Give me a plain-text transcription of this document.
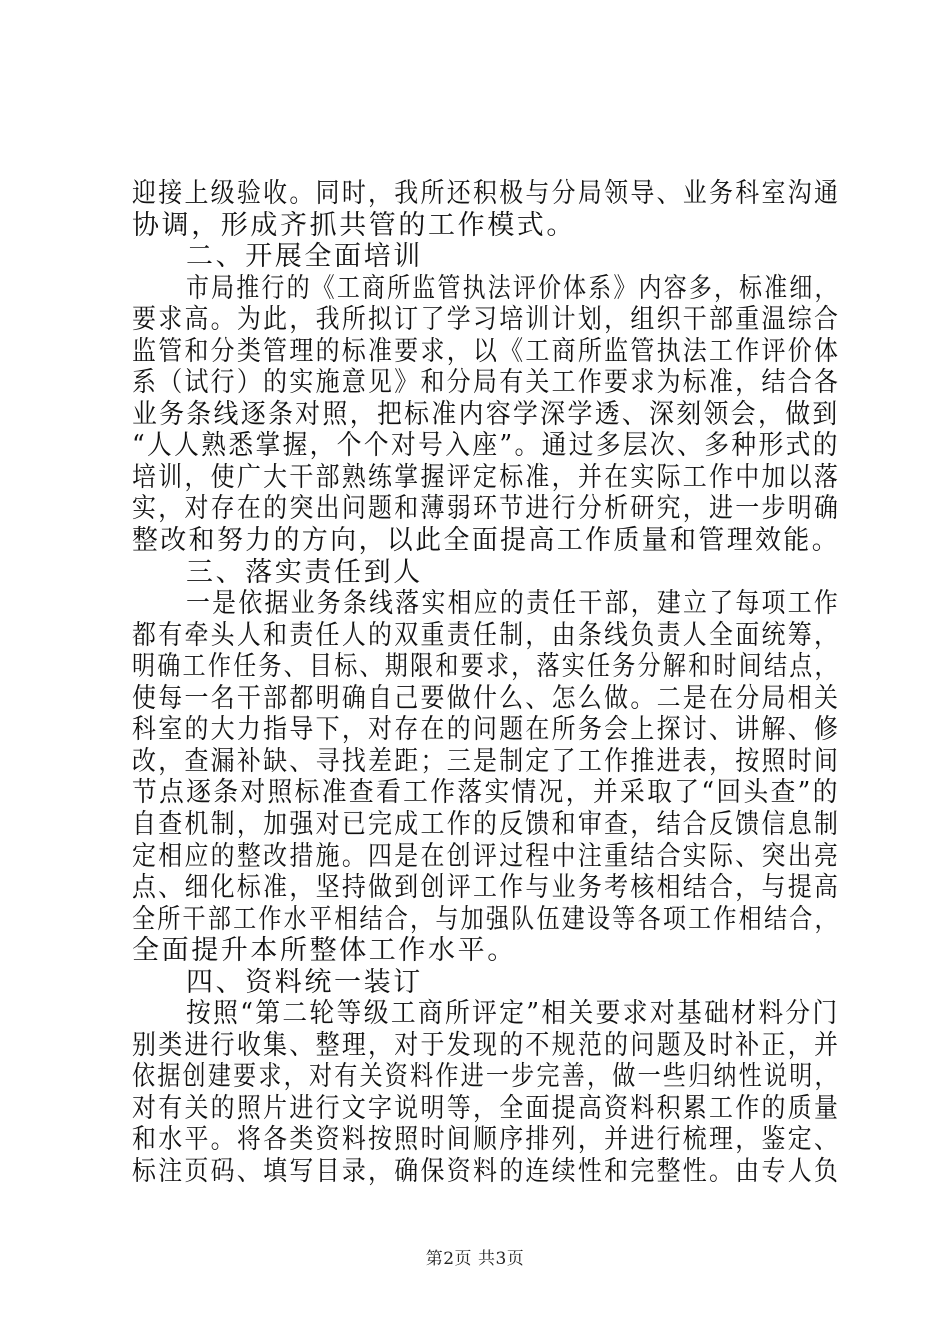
迎接上级验收。同时，我所还积极与分局领导、业务科室沟通
协调，形成齐抓共管的工作模式。
二、开展全面培训
市局推行的《工商所监管执法评价体系》内容多，标准细，
要求高。为此，我所拟订了学习培训计划，组织干部重温综合
监管和分类管理的标准要求，以《工商所监管执法工作评价体
系（试行）的实施意见》和分局有关工作要求为标准，结合各
业务条线逐条对照，把标准内容学深学透、深刻领会，做到
“人人熟悉掌握，个个对号入座”。通过多层次、多种形式的
培训，使广大干部熟练掌握评定标准，并在实际工作中加以落
实，对存在的突出问题和薄弱环节进行分析研究，进一步明确
整改和努力的方向，以此全面提高工作质量和管理效能。
三、落实责任到人
一是依据业务条线落实相应的责任干部，建立了每项工作
都有牵头人和责任人的双重责任制，由条线负责人全面统筹，
明确工作任务、目标、期限和要求，落实任务分解和时间结点，
使每一名干部都明确自己要做什么、怎么做。二是在分局相关
科室的大力指导下，对存在的问题在所务会上探讨、讲解、修
改，查漏补缺、寻找差距；三是制定了工作推进表，按照时间
节点逐条对照标准查看工作落实情况，并采取了“回头查”的
自查机制，加强对已完成工作的反馈和审查，结合反馈信息制
定相应的整改措施。四是在创评过程中注重结合实际、突出亮
点、细化标准，坚持做到创评工作与业务考核相结合，与提高
全所干部工作水平相结合，与加强队伍建设等各项工作相结合，
全面提升本所整体工作水平。
四、资料统一装订
按照“第二轮等级工商所评定”相关要求对基础材料分门
别类进行收集、整理，对于发现的不规范的问题及时补正，并
依据创建要求，对有关资料作进一步完善，做一些归纳性说明，
对有关的照片进行文字说明等，全面提高资料积累工作的质量
和水平。将各类资料按照时间顺序排列，并进行梳理，鉴定、
标注页码、填写目录，确保资料的连续性和完整性。由专人负
第2页 共3页
